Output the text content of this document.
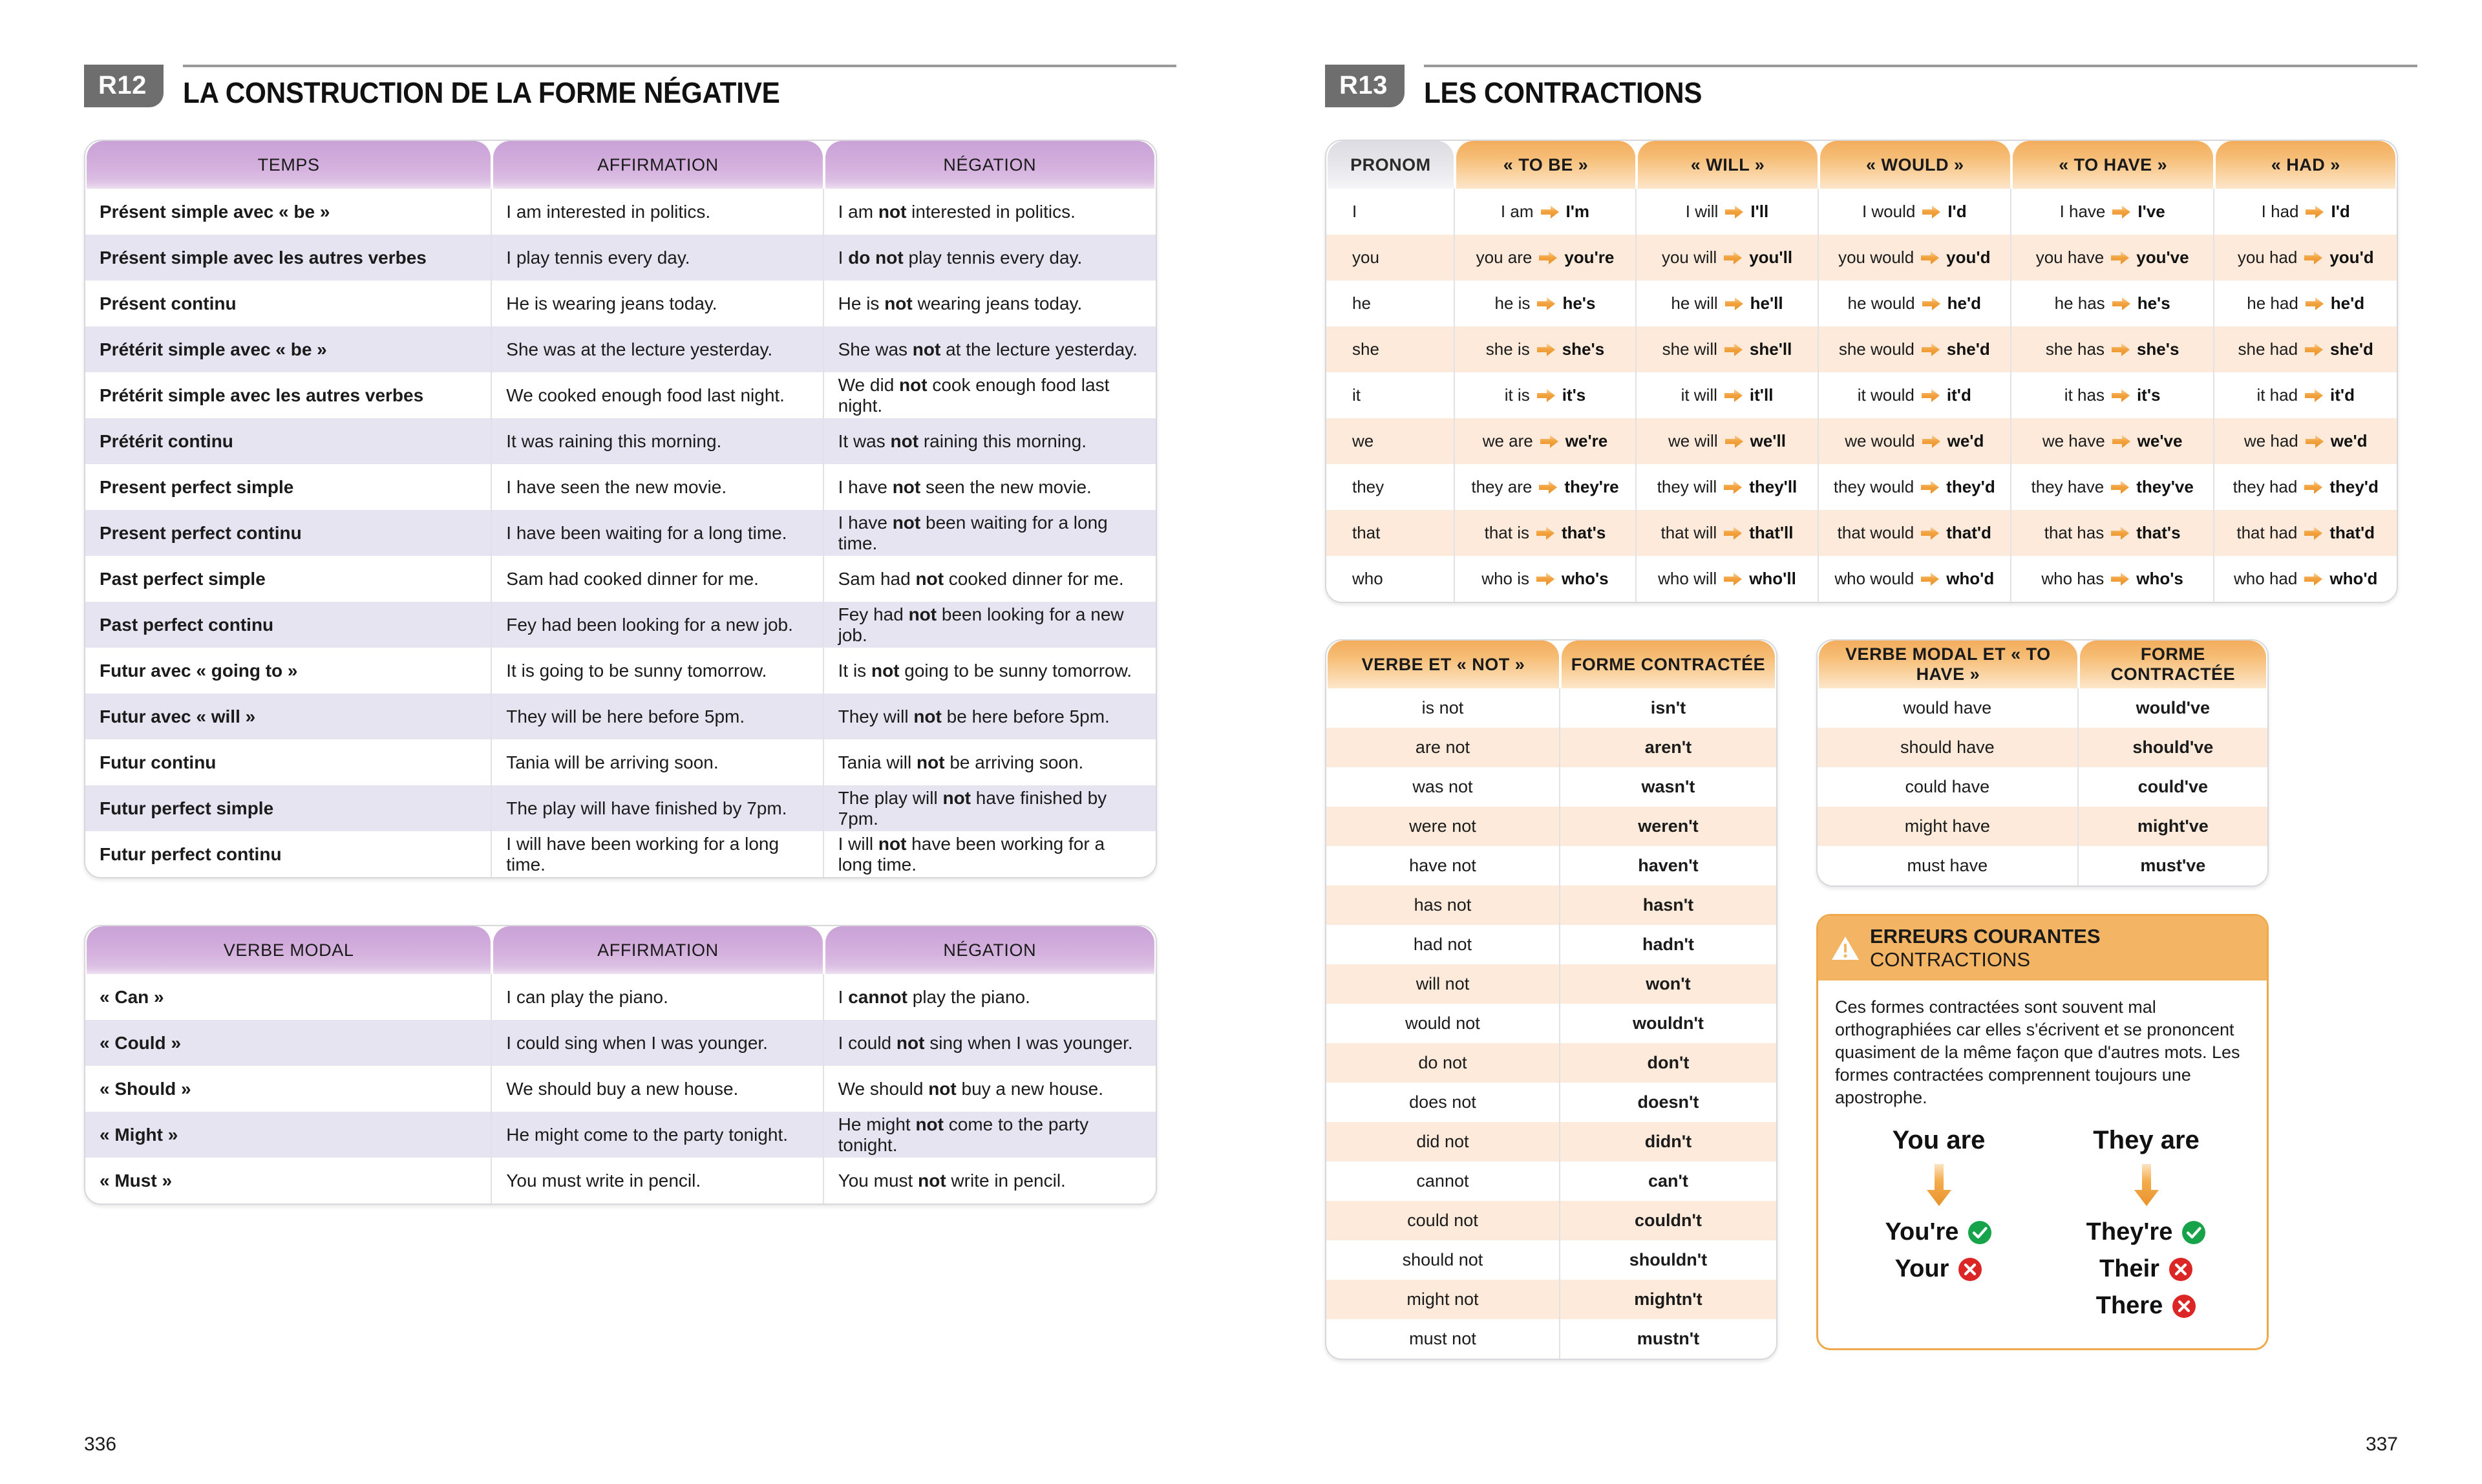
R12	LA CONSTRUCTION DE LA FORME NÉGATIVE
TEMPS	AFFIRMATION	NÉGATION

Présent simple avec « be »	I am interested in politics.	I am not interested in politics.
Présent simple avec les autres verbes	I play tennis every day.	I do not play tennis every day.
Présent continu	He is wearing jeans today.	He is not wearing jeans today.
Prétérit simple avec « be »	She was at the lecture yesterday.	She was not at the lecture yesterday.
Prétérit simple avec les autres verbes	We cooked enough food last night.	We did not cook enough food last night.
Prétérit continu	It was raining this morning.	It was not raining this morning.
Present perfect simple	I have seen the new movie.	I have not seen the new movie.
Present perfect continu	I have been waiting for a long time.	I have not been waiting for a long time.
Past perfect simple	Sam had cooked dinner for me.	Sam had not cooked dinner for me.
Past perfect continu	Fey had been looking for a new job.	Fey had not been looking for a new job.
Futur avec « going to »	It is going to be sunny tomorrow.	It is not going to be sunny tomorrow.
Futur avec « will »	They will be here before 5pm.	They will not be here before 5pm.
Futur continu	Tania will be arriving soon.	Tania will not be arriving soon.
Futur perfect simple	The play will have finished by 7pm.	The play will not have finished by 7pm.
Futur perfect continu	I will have been working for a long time.	I will not have been working for a long time.
VERBE MODAL	AFFIRMATION	NÉGATION

« Can »	I can play the piano.	I cannot play the piano.
« Could »	I could sing when I was younger.	I could not sing when I was younger.
« Should »	We should buy a new house.	We should not buy a new house.
« Might »	He might come to the party tonight.	He might not come to the party tonight.
« Must »	You must write in pencil.	You must not write in pencil.
336
R13	LES CONTRACTIONS
PRONOM	« TO BE »	« WILL »	« WOULD »	« TO HAVE »	« HAD »

I	I am I'm	I will I'll	I would I'd	I have I've	I had I'd

you	you are you're	you will you'll	you would you'd	you have you've	you had you'd

he	he is he's	he will he'll	he would he'd	he has he's	he had he'd

she	she is she's	she will she'll	she would she'd	she has she's	she had she'd

it	it is it's	it will it'll	it would it'd	it has it's	it had it'd

we	we are we're	we will we'll	we would we'd	we have we've	we had we'd

they	they are they're	they will they'll	they would they'd	they have they've	they had they'd

that	that is that's	that will that'll	that would that'd	that has that's	that had that'd

who	who is who's	who will who'll	who would who'd	who has who's	who had who'd
VERBE ET « NOT »	FORME CONTRACTÉE

is not	isn't
are not	aren't
was not	wasn't
were not	weren't
have not	haven't
has not	hasn't
had not	hadn't
will not	won't
would not	wouldn't
do not	don't
does not	doesn't
did not	didn't
cannot	can't
could not	couldn't
should not	shouldn't
might not	mightn't
must not	mustn't
VERBE MODAL ET « TO HAVE »	FORME CONTRACTÉE

would have	would've
should have	should've
could have	could've
might have	might've
must have	must've
ERREURS COURANTES CONTRACTIONS
Ces formes contractées sont souvent mal orthographiées car elles s'écrivent et se prononcent quasiment de la même façon que d'autres mots. Les formes contractées comprennent toujours une apostrophe.
You are
You're
Your
They are
They're
Their
There
337
